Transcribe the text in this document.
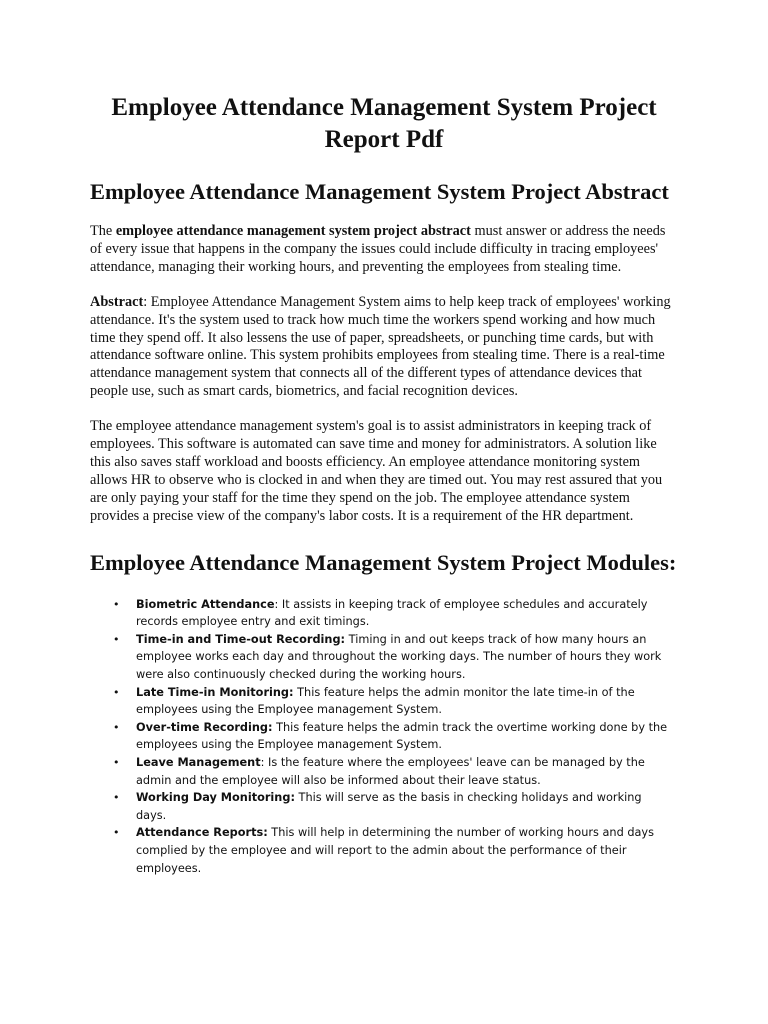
Employee Attendance Management System Project Report Pdf
Employee Attendance Management System Project Abstract

The employee attendance management system project abstract must answer or address the needs of every issue that happens in the company the issues could include difficulty in tracing employees' attendance, managing their working hours, and preventing the employees from stealing time.

Abstract: Employee Attendance Management System aims to help keep track of employees' working attendance. It's the system used to track how much time the workers spend working and how much time they spend off. It also lessens the use of paper, spreadsheets, or punching time cards, but with attendance software online. This system prohibits employees from stealing time. There is a real-time attendance management system that connects all of the different types of attendance devices that people use, such as smart cards, biometrics, and facial recognition devices.

The employee attendance management system's goal is to assist administrators in keeping track of employees. This software is automated can save time and money for administrators. A solution like this also saves staff workload and boosts efficiency. An employee attendance monitoring system allows HR to observe who is clocked in and when they are timed out. You may rest assured that you are only paying your staff for the time they spend on the job. The employee attendance system provides a precise view of the company's labor costs. It is a requirement of the HR department.

Employee Attendance Management System Project Modules:
• Biometric Attendance: It assists in keeping track of employee schedules and accurately records employee entry and exit timings.
• Time-in and Time-out Recording: Timing in and out keeps track of how many hours an employee works each day and throughout the working days. The number of hours they work were also continuously checked during the working hours.
• Late Time-in Monitoring: This feature helps the admin monitor the late time-in of the employees using the Employee management System.
• Over-time Recording: This feature helps the admin track the overtime working done by the employees using the Employee management System.
• Leave Management: Is the feature where the employees' leave can be managed by the admin and the employee will also be informed about their leave status.
• Working Day Monitoring: This will serve as the basis in checking holidays and working days.
• Attendance Reports: This will help in determining the number of working hours and days complied by the employee and will report to the admin about the performance of their employees.
